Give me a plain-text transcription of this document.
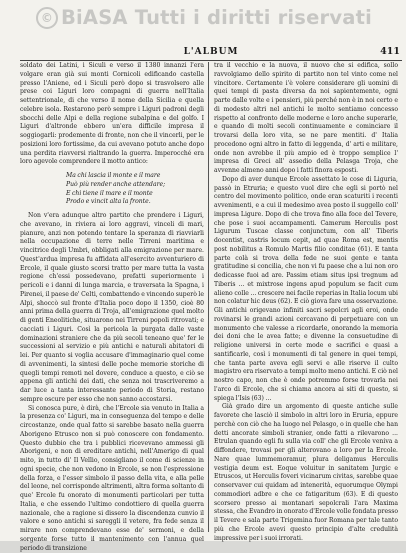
© BiASA Tutti i diritti riservati
L'ALBUM	411

soldato dei Latini, i Siculi e verso il 1380 innanzi l'era volgare eran già sui monti Cornicoli edificando castella presso l'Aniene, ed i Siculi però dopo si trasvolsero alle prese coi Liguri loro compagni di guerra nell'Italia settentrionale, di che verso il nome della Sicilia e quella celebre isola. Restarono però sempre i Liguri padroni degli sbocchi delle Alpi e della regione subalpina e del golfo. I Liguri d'altronde ebbero un'era difficile impresa il soggiogarli: prodemente di fronte, non che il vincerli, per le posizioni loro fortissime, da cui avevano potuto anche dopo una perdita riavversi rialtrando la guerra. Imperocché era loro agevole comprendere il motto antico:

Ma chi lascia il monte e il mare
Può più render anche attendare;
E chi tiene il mare e il monte
Prodo e vincit alta la fronte.

Non v'era adunque altro partito che prendere i Liguri, che avevano, in riviera ai loro aggravi, vinceli di mari, pianure, anzi non potendo tentare la speranza di riavviarli nella occupazione di terre nelle Tirreni maritima e vincitrice degli Umbri, obbligati alla emigrazione per mare. Quest'ardua impresa fu affidata all'esercito avventuriero di Ercole, il quale giusto scorsi tratto per mare tutta la vasta regione ch'essi possedevano, prefatti superiormente i pericoli e i danni di lunga marcia, e traversata la Spagna, i Pirenei, il paese de' Celti, combattendo e vincendo superò le Alpi, shoccò sul fronte d'Italia poco dopo il 1350, cioè 80 anni prima della guerra di Troja, all'emigrazione quel molto di genti Eneolitiche, situarono nei Tirreni popoli ritrovati; e cacciati i Liguri. Così la pericola la purgata dalle vaste dominazioni straniere che da più secoli teneano que' fer le successioni al servizio e più antichi e naturali abitatori di lei. Per quanto si voglia accusare d'immaginario quel come di avvenimenti, la sintesi delle poche memorie storiche di quegli tempi remoti nel dovere, conduce a questo, e ciò se appena gli antichi dei dati, che senza noi trascriveremo a dar luce a tanta interessante periodo di Storia, restano sempre oscure per esso che non sanno accostarsi.

Si conosca pure, è dirà, che l'Ercole sia venuto in Italia a la presenza co' Liguri, ma in conseguenza del tempo e delle circostanze, onde qual fatto si sarebbe basato nella guerra Aborigeno Etrusco non si può conoscere con fondamento. Questo dubbio che tra i pubblici ricevevano ammessi gli Aborigeni, e non di ereditare antichi, nell'Amerigo di qual mito, in tutto di' Il Vellio, consigliano il come di scienze in ogni specie, che non vedono in Ercole, se non l'espressione della forza, e l'esser simbolo il passo della vita, e alla pelle del leone, nel corrisponde altrimenti, altra forma soltanto di que' Ercole fu onorato di monumenti particolari per tutta Italia, e che essendo l'ultimo condottiero di quella guerra nazionale, che a ragione si dissero la discendenza cunvio il valore e sono antichi si sareggli il vetere, fra fede senza il mirare non comprendevano esse de' sermoni, e della sorgente forse tutto il mantenimento con l'annua quel periodo di transizione

tra il vecchio e la nuova, il nuovo che si ediﬁca, sollo ravvolgiamo dello spirito di partito non tel vinto come nel vincitore. Certamente i'è volere considerare gli uomini di quei tempi di pasta diversa da noi sapientemente, ogni parte dalle volte e i pensieri, più perché non è in noi certo e di modesto altri nel antichi le molto sentiamo concesso rispetto al confronto delle moderne e loro anche superarle, e quando di molti secoli continuamente e cominciare il trovarsi della loro vita, se ne pare mentiti. d' Italia procedono ogni altro in fatto di leggenda, d' arti e militare, onde non avrebbe il più ampio ed è troppo semplice l' impresa di Greci all' assedio della Pelasga Troja, che avvenne almeno anni dopo i fatti finora esposti.

Dopo di aver dunque Ercole assettato le cose di Liguria, passò in Etruria; e questo vuol dire che egli si portò nel centro del movimento politico, onde eran scaturiti i recenti avvenimenti, e a cui il medesimo avea posto il suggello coll' impresa Ligure. Dopo di che trova fino alla foce del Tevere, che pose i suoi accampamenti. Camerum Herculis post Ligurum Tuscae classe conjunctum, con all' Tiberis docentist, castris locum cepit, ad quae Roma est, mentis post nobilitus a Romulo Martis filio conditae (61). E tanta parte colà si trova della fede ne suoi gente e tanta gratitudine si concilia, che non vi fu paese che a lui non oro dedicasse fuoi ad are. Passim etiam situs ipsi tregnum ad Tiberis ... et mixtrose ingens apud populum se facit cum alieno colle ... crescere nei facile reperias in Italia locum ubi non colatur hic deus (62). E ciò giova fare una osservazione. Gli antichi origevano infiniti sacri sepolcri agli eroi, onde rovinarsi le grandi azioni cercavano di perpetuare con un monumento che valesse a ricordarle, onorando la memoria dei doni che le avea fatte; e divenne la consuetudine di religione universi in certe mode e sacrifici e quasi a santificarle, così i monumenti di tal genere in quei tempi, che tanta parte aveva egli servi e alle riserve il culto magistro era riservato a tempi molto meno antichi. E ciò nel nostro capo, non che è onde potremmo forse trovarla nei l'arco di Ercole, che si chiama ancora ai siti di questo, si spiega l'Isis (63) ...

Già grado dire un argomento di queste antiche sulle favorete che lasciò il simbolo in altri loro in Eruria, eppure perchè con ciò che ha luogo nel Pelasgo, o in quelle che han detti ancorate simboli stranier, onde fatti a rilevarono ... Etrulan quando egli fu sulla via coll' che gli Ercole veniva a diffondere, trovasi per gli alterovano a loro per la Ercole. Nare quae lummemoramur, plura deligamus Herculis vestigia deum est. Eoque voluitur in sanitatem Jurgic e Etruscos, ut Herculis foveri vicinarum civitas, sarebbe quae conservaver cui quidam ad intenerità, equorumque Olympi commodiori adbre e che ce fatigaritum (63). E di questo scorsero presso ai montanari sepolcrali l'ara Maxima stessa, che Evandro in onorato d'Ercole volle fondata presso il Tevere e sala parte Trigemina fuor Romana per tale tanto più che Ercole avevi questo principio d'alte credulità impressive per i suoi irrorati.
